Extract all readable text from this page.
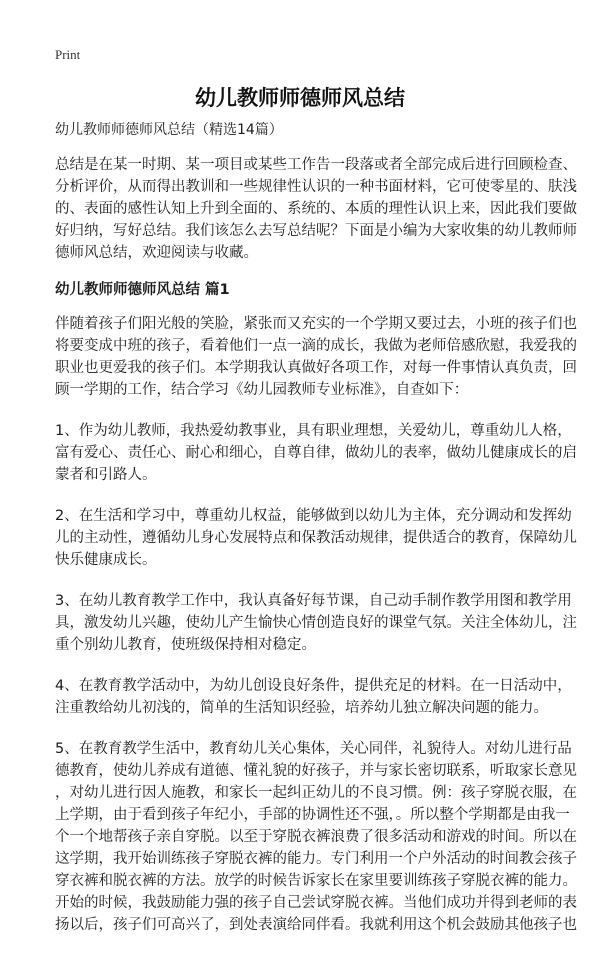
Print
幼儿教师师德师风总结
幼儿教师师德师风总结（精选14篇）
总结是在某一时期、某一项目或某些工作告一段落或者全部完成后进行回顾检查、
分析评价，从而得出教训和一些规律性认识的一种书面材料，它可使零星的、肤浅
的、表面的感性认知上升到全面的、系统的、本质的理性认识上来，因此我们要做
好归纳，写好总结。我们该怎么去写总结呢？下面是小编为大家收集的幼儿教师师
德师风总结，欢迎阅读与收藏。
幼儿教师师德师风总结 篇1
伴随着孩子们阳光般的笑脸，紧张而又充实的一个学期又要过去，小班的孩子们也
将要变成中班的孩子，看着他们一点一滴的成长，我做为老师倍感欣慰，我爱我的
职业也更爱我的孩子们。本学期我认真做好各项工作，对每一件事情认真负责，回
顾一学期的工作，结合学习《幼儿园教师专业标准》，自查如下：
1、作为幼儿教师，我热爱幼教事业，具有职业理想，关爱幼儿，尊重幼儿人格，
富有爱心、责任心、耐心和细心，自尊自律，做幼儿的表率，做幼儿健康成长的启
蒙者和引路人。
2、在生活和学习中，尊重幼儿权益，能够做到以幼儿为主体，充分调动和发挥幼
儿的主动性，遵循幼儿身心发展特点和保教活动规律，提供适合的教育，保障幼儿
快乐健康成长。
3、在幼儿教育教学工作中，我认真备好每节课，自己动手制作教学用图和教学用
具，激发幼儿兴趣，使幼儿产生愉快心情创造良好的课堂气氛。关注全体幼儿，注
重个别幼儿教育，使班级保持相对稳定。
4、在教育教学活动中，为幼儿创设良好条件，提供充足的材料。在一日活动中，
注重教给幼儿初浅的，简单的生活知识经验，培养幼儿独立解决问题的能力。
5、在教育教学生活中，教育幼儿关心集体，关心同伴，礼貌待人。对幼儿进行品
德教育，使幼儿养成有道德、懂礼貌的好孩子，并与家长密切联系，听取家长意见
，对幼儿进行因人施教，和家长一起纠正幼儿的不良习惯。例：孩子穿脱衣服，在
上学期，由于看到孩子年纪小，手部的协调性还不强，。所以整个学期都是由我一
个一个地帮孩子亲自穿脱。以至于穿脱衣裤浪费了很多活动和游戏的时间。所以在
这学期，我开始训练孩子穿脱衣裤的能力。专门利用一个户外活动的时间教会孩子
穿衣裤和脱衣裤的方法。放学的时候告诉家长在家里要训练孩子穿脱衣裤的能力。
开始的时候，我鼓励能力强的孩子自己尝试穿脱衣裤。当他们成功并得到老师的表
扬以后，孩子们可高兴了，到处表演给同伴看。我就利用这个机会鼓励其他孩子也
